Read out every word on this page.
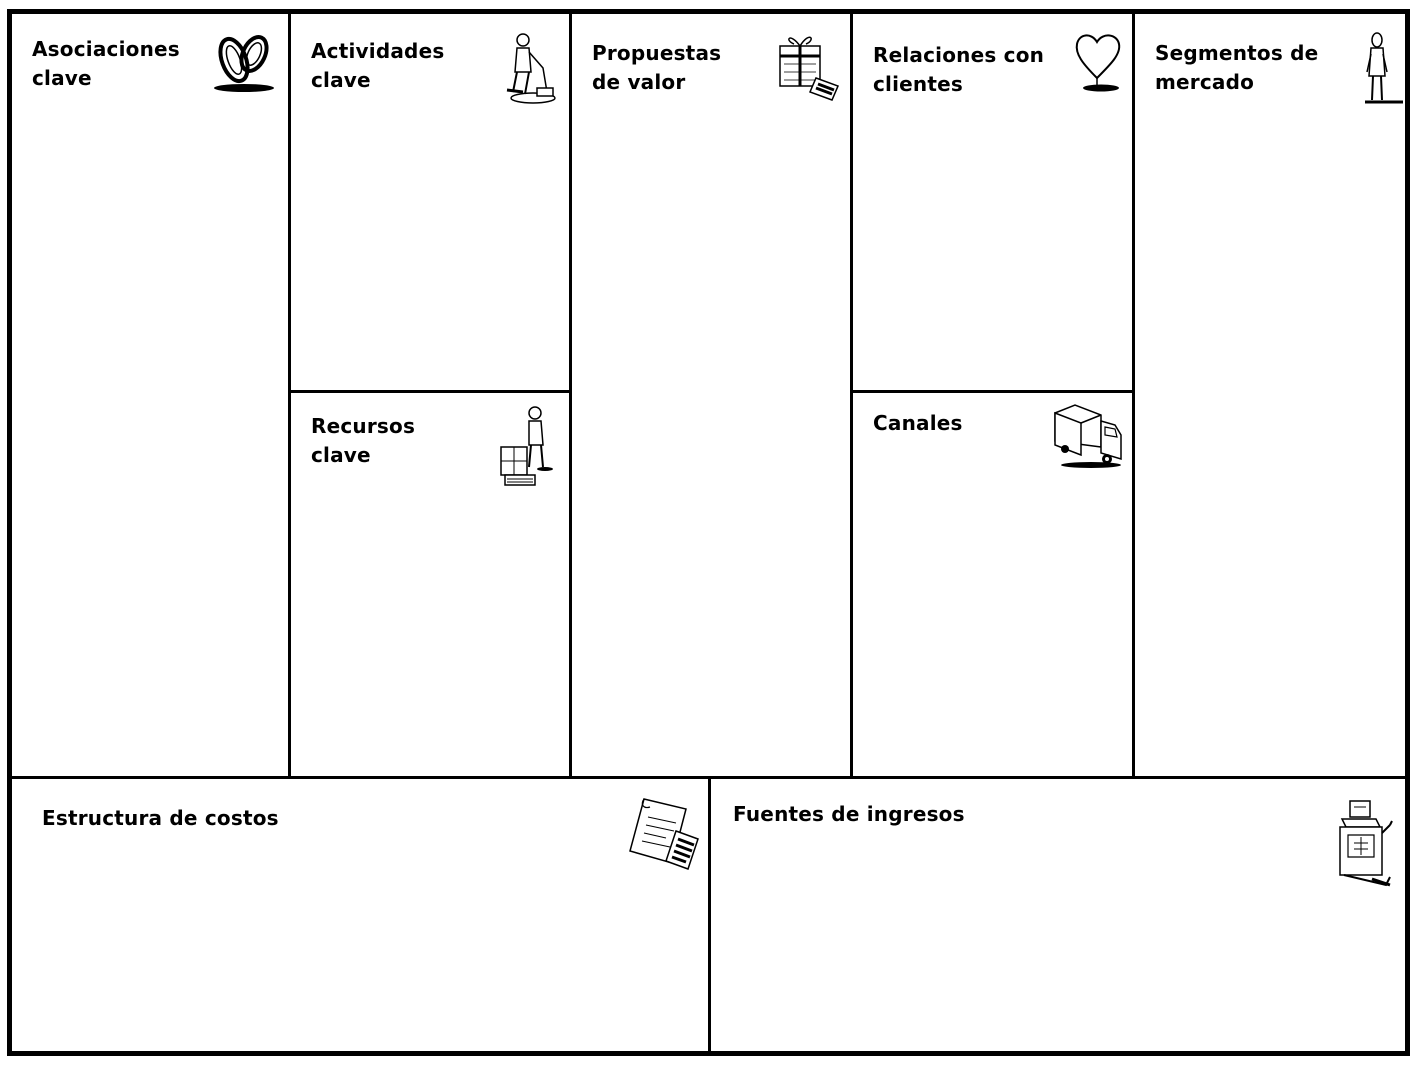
Asociaciones
clave
Actividades
clave
Recursos
clave
Propuestas
de valor
Relaciones con
clientes
Canales
Segmentos de
mercado
Estructura de costos	Fuentes de ingresos
